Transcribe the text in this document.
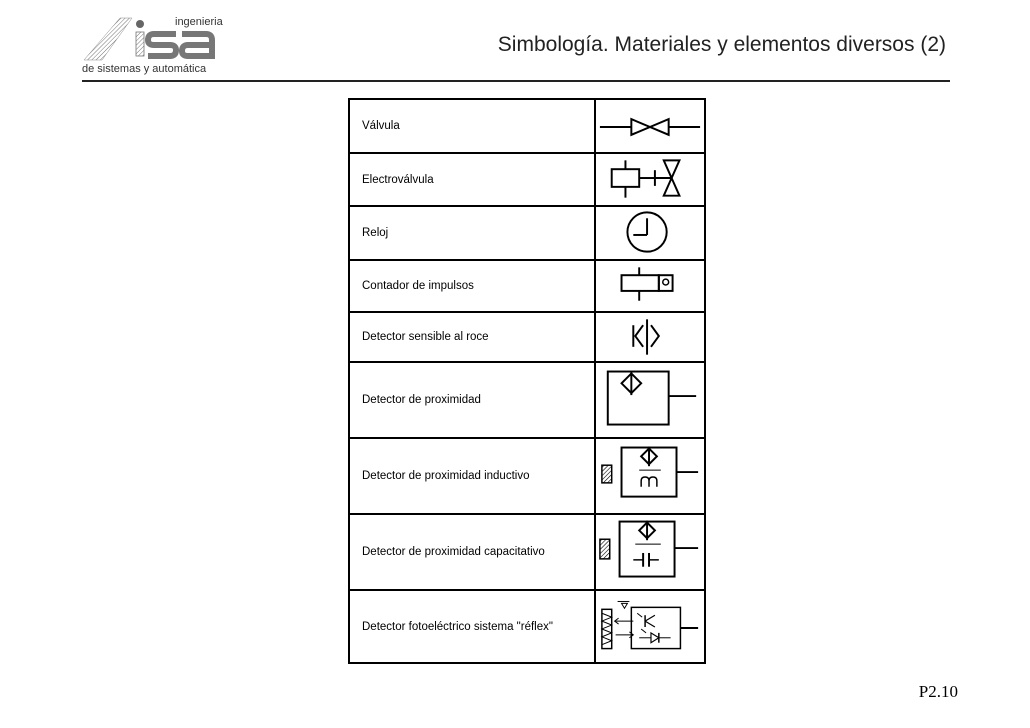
ingenieria
de sistemas y automática
Simbología. Materiales y elementos diversos (2)
Válvula
Electroválvula
Reloj
Contador de impulsos
Detector sensible al roce
Detector de proximidad
Detector de proximidad inductivo
Detector de proximidad capacitativo
Detector fotoeléctrico sistema "réflex"
P2.10
